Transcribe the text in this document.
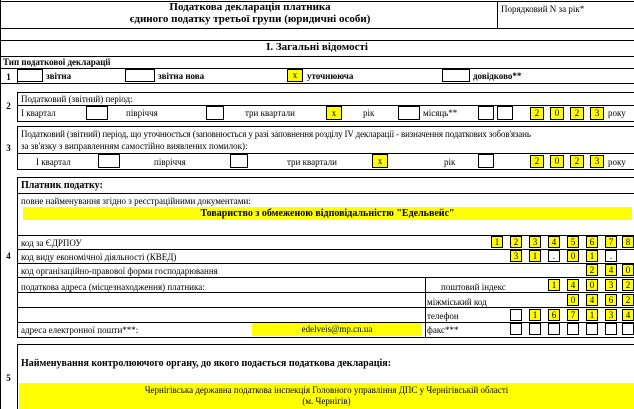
Податкова декларація платника
єдиного податку третьої групи (юридичні особи)
Порядковий N за рік*
І. Загальні відомості
Тип податкової декларації
1	звітна	звітна нова	х	уточнююча	довідково**
2
Податковий (звітний) період:
I квартал	півріччя	три квартали	х	рік	місяць**	2	0	2	3 року
3
Податковий (звітний) період, що уточнюється (заповнюється у разі заповнення розділу IV декларації - визначення податкових зобов'язань
за зв'язку з виправленням самостійно виявлених помилок):
I квартал	півріччя	три квартали	х	рік	2	0	2	3 року
4
Платник податку:
повне найменування згідно з реєстраційними документами:
Товариство з обмеженою відповідальністю "Едельвейс"
код за ЄДРПОУ	1	2	3	4	5	6	7	8
код виду економічної діяльності (КВЕД)	3	1	.	0	1	.
код організаційно-правової форми господарювання	2	4	0
податкова адреса (місцезнаходження) платника:	поштовий індекс	1	4	0	3	2
міжміський код	0	4	6	2
телефон	1	6	7	1	3	4
адреса електронної пошти***:	edelveis@mp.cn.ua	факс***
5
Найменування контролюючого органу, до якого подається податкова декларація:
Чернігівська державна податкова інспекція Головного управління ДПС у Чернігівській області
(м. Чернігів)
